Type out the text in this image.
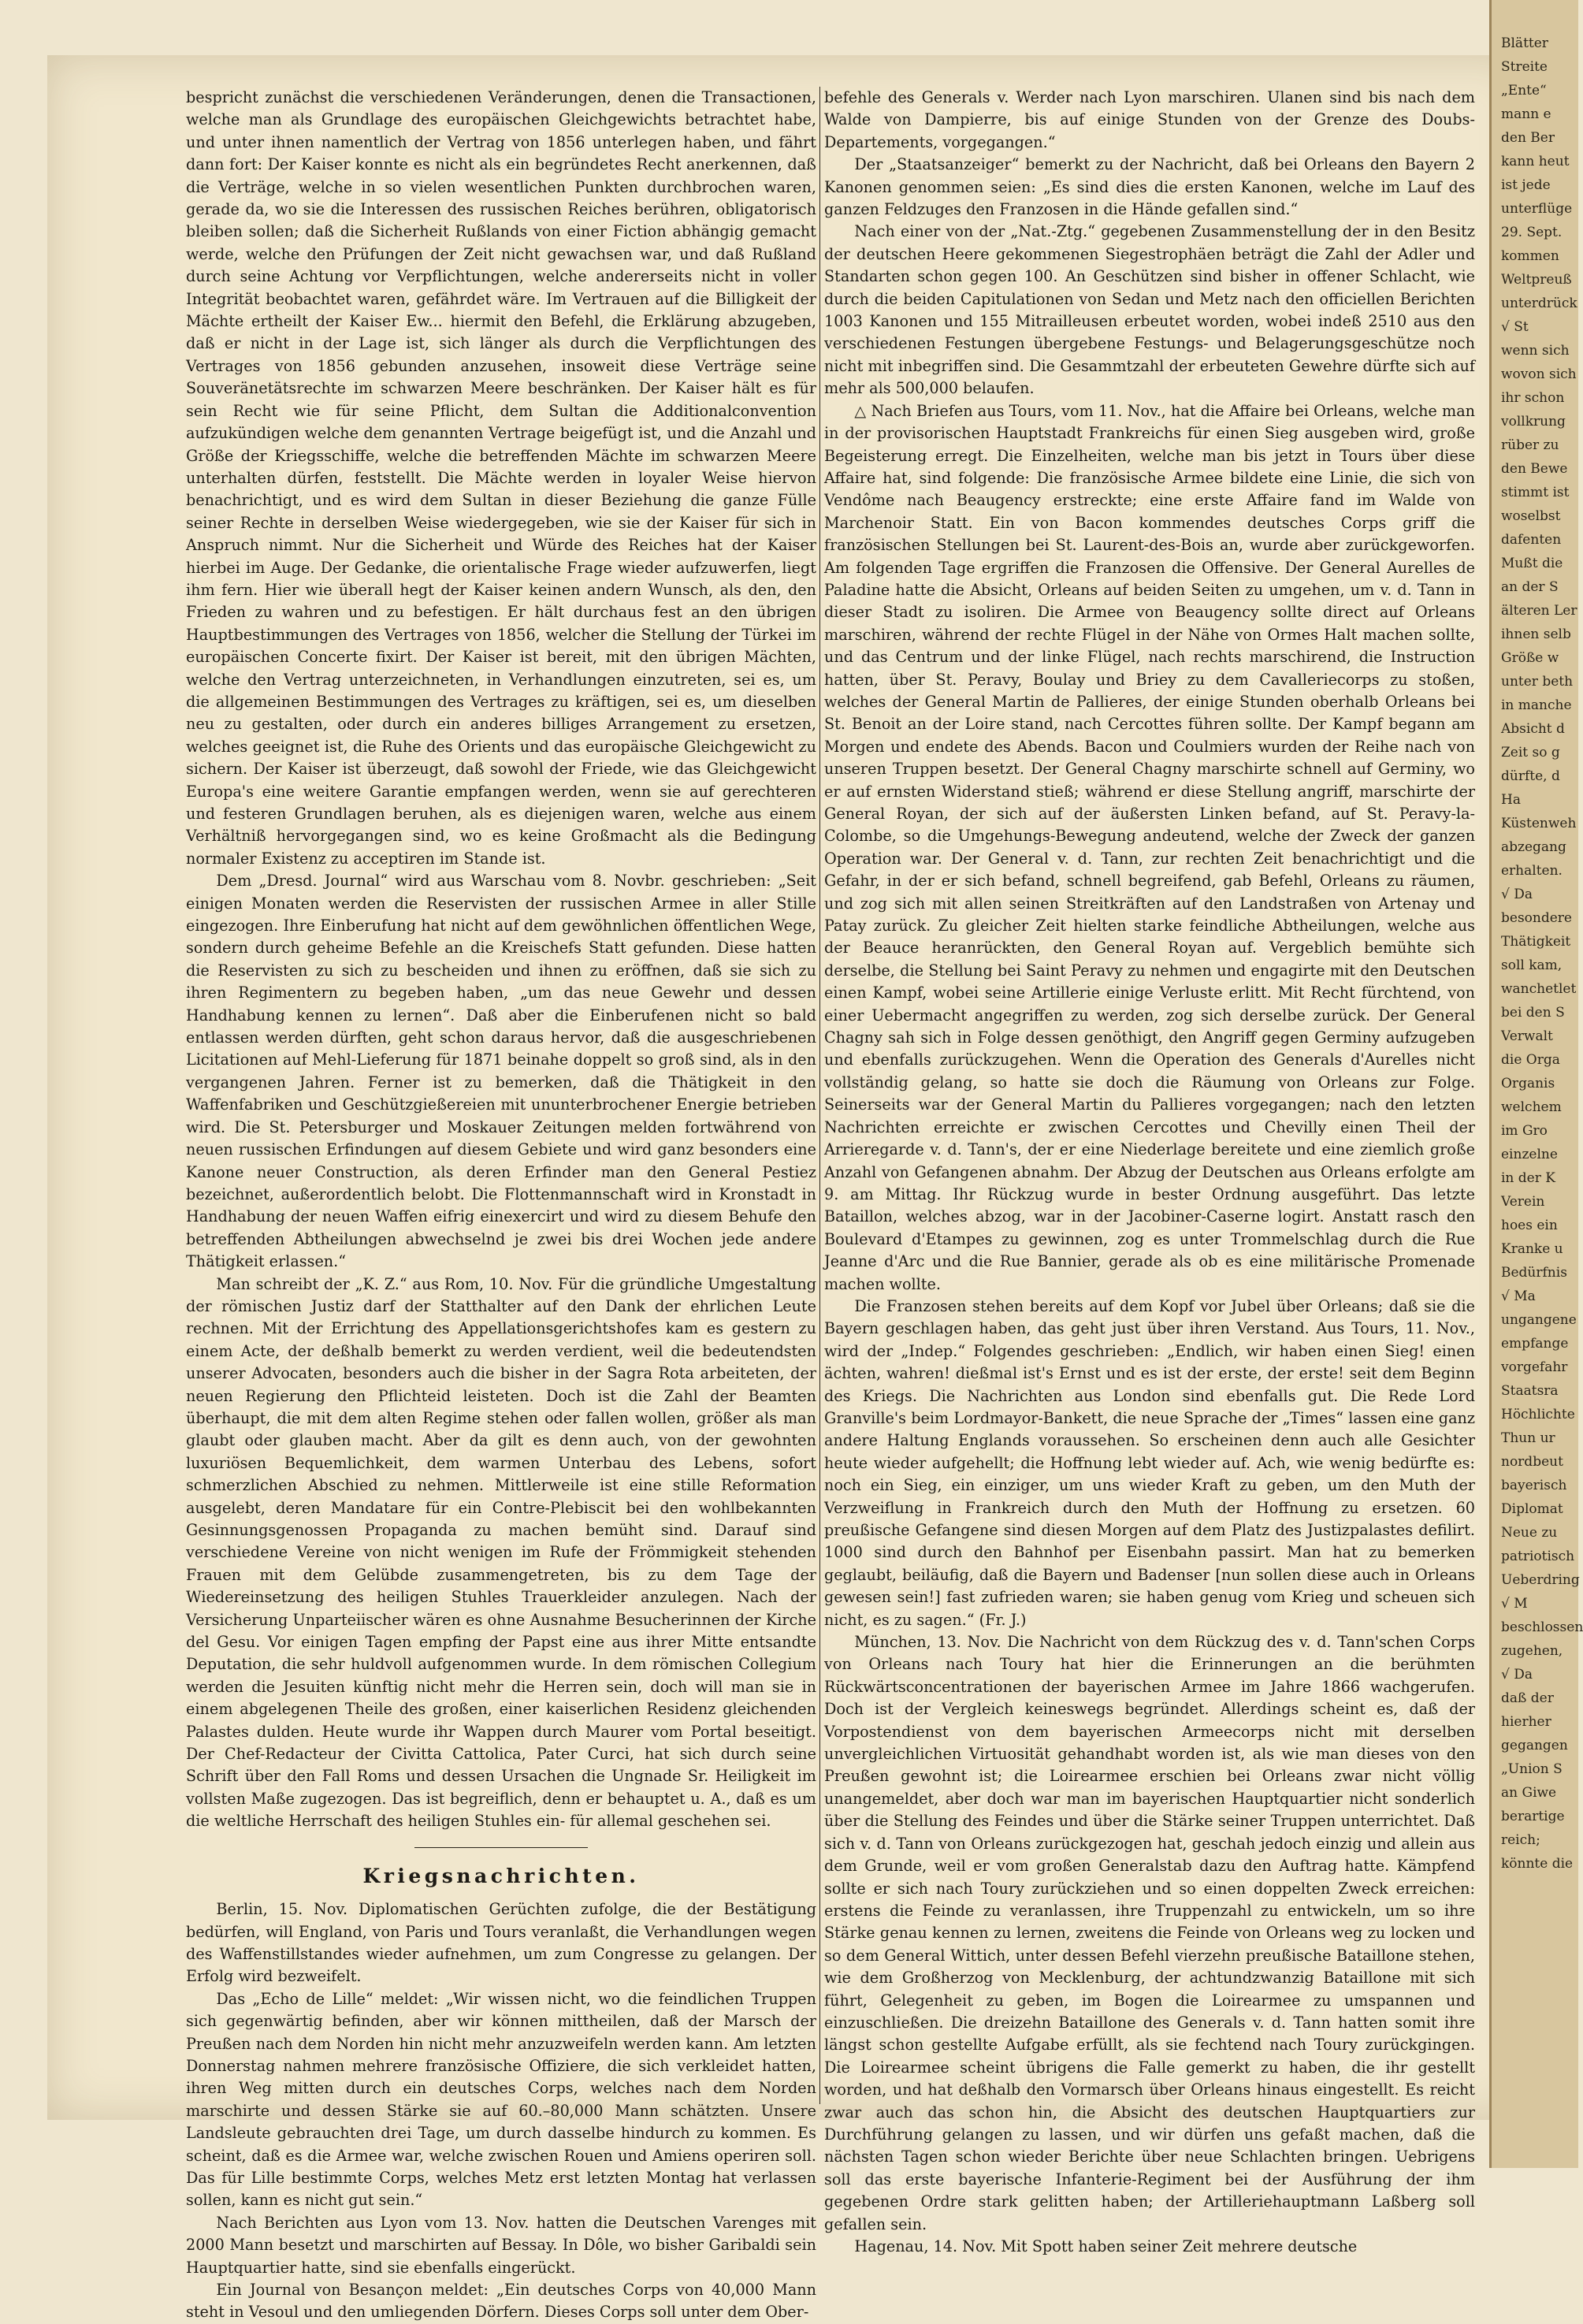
bespricht zunächst die verschiedenen Veränderungen, denen die Transactionen, welche man als Grundlage des europäischen Gleichgewichts betrachtet habe, und unter ihnen namentlich der Vertrag von 1856 unterlegen haben, und fährt dann fort: Der Kaiser konnte es nicht als ein begründetes Recht anerkennen, daß die Verträge, welche in so vielen wesentlichen Punkten durchbrochen waren, gerade da, wo sie die Interessen des russischen Reiches berühren, obligatorisch bleiben sollen; daß die Sicherheit Rußlands von einer Fiction abhängig gemacht werde, welche den Prüfungen der Zeit nicht gewachsen war, und daß Rußland durch seine Achtung vor Verpflichtungen, welche andererseits nicht in voller Integrität beobachtet waren, gefährdet wäre. Im Vertrauen auf die Billigkeit der Mächte ertheilt der Kaiser Ew... hiermit den Befehl, die Erklärung abzugeben, daß er nicht in der Lage ist, sich länger als durch die Verpflichtungen des Vertrages von 1856 gebunden anzusehen, insoweit diese Verträge seine Souveränetätsrechte im schwarzen Meere beschränken. Der Kaiser hält es für sein Recht wie für seine Pflicht, dem Sultan die Additionalconvention aufzukündigen welche dem genannten Vertrage beigefügt ist, und die Anzahl und Größe der Kriegsschiffe, welche die betreffenden Mächte im schwarzen Meere unterhalten dürfen, feststellt. Die Mächte werden in loyaler Weise hiervon benachrichtigt, und es wird dem Sultan in dieser Beziehung die ganze Fülle seiner Rechte in derselben Weise wiedergegeben, wie sie der Kaiser für sich in Anspruch nimmt. Nur die Sicherheit und Würde des Reiches hat der Kaiser hierbei im Auge. Der Gedanke, die orientalische Frage wieder aufzuwerfen, liegt ihm fern. Hier wie überall hegt der Kaiser keinen andern Wunsch, als den, den Frieden zu wahren und zu befestigen. Er hält durchaus fest an den übrigen Hauptbestimmungen des Vertrages von 1856, welcher die Stellung der Türkei im europäischen Concerte fixirt. Der Kaiser ist bereit, mit den übrigen Mächten, welche den Vertrag unterzeichneten, in Verhandlungen einzutreten, sei es, um die allgemeinen Bestimmungen des Vertrages zu kräftigen, sei es, um dieselben neu zu gestalten, oder durch ein anderes billiges Arrangement zu ersetzen, welches geeignet ist, die Ruhe des Orients und das europäische Gleichgewicht zu sichern. Der Kaiser ist überzeugt, daß sowohl der Friede, wie das Gleichgewicht Europa's eine weitere Garantie empfangen werden, wenn sie auf gerechteren und festeren Grundlagen beruhen, als es diejenigen waren, welche aus einem Verhältniß hervorgegangen sind, wo es keine Großmacht als die Bedingung normaler Existenz zu acceptiren im Stande ist.

Dem „Dresd. Journal“ wird aus Warschau vom 8. Novbr. geschrieben: „Seit einigen Monaten werden die Reservisten der russischen Armee in aller Stille eingezogen. Ihre Einberufung hat nicht auf dem gewöhnlichen öffentlichen Wege, sondern durch geheime Befehle an die Kreischefs Statt gefunden. Diese hatten die Reservisten zu sich zu bescheiden und ihnen zu eröffnen, daß sie sich zu ihren Regimentern zu begeben haben, „um das neue Gewehr und dessen Handhabung kennen zu lernen“. Daß aber die Einberufenen nicht so bald entlassen werden dürften, geht schon daraus hervor, daß die ausgeschriebenen Licitationen auf Mehl-Lieferung für 1871 beinahe doppelt so groß sind, als in den vergangenen Jahren. Ferner ist zu bemerken, daß die Thätigkeit in den Waffenfabriken und Geschützgießereien mit ununterbrochener Energie betrieben wird. Die St. Petersburger und Moskauer Zeitungen melden fortwährend von neuen russischen Erfindungen auf diesem Gebiete und wird ganz besonders eine Kanone neuer Construction, als deren Erfinder man den General Pestiez bezeichnet, außerordentlich belobt. Die Flottenmannschaft wird in Kronstadt in Handhabung der neuen Waffen eifrig einexercirt und wird zu diesem Behufe den betreffenden Abtheilungen abwechselnd je zwei bis drei Wochen jede andere Thätigkeit erlassen.“

Man schreibt der „K. Z.“ aus Rom, 10. Nov. Für die gründliche Umgestaltung der römischen Justiz darf der Statthalter auf den Dank der ehrlichen Leute rechnen. Mit der Errichtung des Appellationsgerichtshofes kam es gestern zu einem Acte, der deßhalb bemerkt zu werden verdient, weil die bedeutendsten unserer Advocaten, besonders auch die bisher in der Sagra Rota arbeiteten, der neuen Regierung den Pflichteid leisteten. Doch ist die Zahl der Beamten überhaupt, die mit dem alten Regime stehen oder fallen wollen, größer als man glaubt oder glauben macht. Aber da gilt es denn auch, von der gewohnten luxuriösen Bequemlichkeit, dem warmen Unterbau des Lebens, sofort schmerzlichen Abschied zu nehmen. Mittlerweile ist eine stille Reformation ausgelebt, deren Mandatare für ein Contre-Plebiscit bei den wohlbekannten Gesinnungsgenossen Propaganda zu machen bemüht sind. Darauf sind verschiedene Vereine von nicht wenigen im Rufe der Frömmigkeit stehenden Frauen mit dem Gelübde zusammengetreten, bis zu dem Tage der Wiedereinsetzung des heiligen Stuhles Trauerkleider anzulegen. Nach der Versicherung Unparteiischer wären es ohne Ausnahme Besucherinnen der Kirche del Gesu. Vor einigen Tagen empfing der Papst eine aus ihrer Mitte entsandte Deputation, die sehr huldvoll aufgenommen wurde. In dem römischen Collegium werden die Jesuiten künftig nicht mehr die Herren sein, doch will man sie in einem abgelegenen Theile des großen, einer kaiserlichen Residenz gleichenden Palastes dulden. Heute wurde ihr Wappen durch Maurer vom Portal beseitigt. Der Chef-Redacteur der Civitta Cattolica, Pater Curci, hat sich durch seine Schrift über den Fall Roms und dessen Ursachen die Ungnade Sr. Heiligkeit im vollsten Maße zugezogen. Das ist begreiflich, denn er behauptet u. A., daß es um die weltliche Herrschaft des heiligen Stuhles ein- für allemal geschehen sei.

Kriegsnachrichten.

Berlin, 15. Nov. Diplomatischen Gerüchten zufolge, die der Bestätigung bedürfen, will England, von Paris und Tours veranlaßt, die Verhandlungen wegen des Waffenstillstandes wieder aufnehmen, um zum Congresse zu gelangen. Der Erfolg wird bezweifelt.

Das „Echo de Lille“ meldet: „Wir wissen nicht, wo die feindlichen Truppen sich gegenwärtig befinden, aber wir können mittheilen, daß der Marsch der Preußen nach dem Norden hin nicht mehr anzuzweifeln werden kann. Am letzten Donnerstag nahmen mehrere französische Offiziere, die sich verkleidet hatten, ihren Weg mitten durch ein deutsches Corps, welches nach dem Norden marschirte und dessen Stärke sie auf 60.–80,000 Mann schätzten. Unsere Landsleute gebrauchten drei Tage, um durch dasselbe hindurch zu kommen. Es scheint, daß es die Armee war, welche zwischen Rouen und Amiens operiren soll. Das für Lille bestimmte Corps, welches Metz erst letzten Montag hat verlassen sollen, kann es nicht gut sein.“

Nach Berichten aus Lyon vom 13. Nov. hatten die Deutschen Varenges mit 2000 Mann besetzt und marschirten auf Bessay. In Dôle, wo bisher Garibaldi sein Hauptquartier hatte, sind sie ebenfalls eingerückt.

Ein Journal von Besançon meldet: „Ein deutsches Corps von 40,000 Mann steht in Vesoul und den umliegenden Dörfern. Dieses Corps soll unter dem Ober-

befehle des Generals v. Werder nach Lyon marschiren. Ulanen sind bis nach dem Walde von Dampierre, bis auf einige Stunden von der Grenze des Doubs-Departements, vorgegangen.“

Der „Staatsanzeiger“ bemerkt zu der Nachricht, daß bei Orleans den Bayern 2 Kanonen genommen seien: „Es sind dies die ersten Kanonen, welche im Lauf des ganzen Feldzuges den Franzosen in die Hände gefallen sind.“

Nach einer von der „Nat.-Ztg.“ gegebenen Zusammenstellung der in den Besitz der deutschen Heere gekommenen Siegestrophäen beträgt die Zahl der Adler und Standarten schon gegen 100. An Geschützen sind bisher in offener Schlacht, wie durch die beiden Capitulationen von Sedan und Metz nach den officiellen Berichten 1003 Kanonen und 155 Mitrailleusen erbeutet worden, wobei indeß 2510 aus den verschiedenen Festungen übergebene Festungs- und Belagerungsgeschütze noch nicht mit inbegriffen sind. Die Gesammtzahl der erbeuteten Gewehre dürfte sich auf mehr als 500,000 belaufen.

△ Nach Briefen aus Tours, vom 11. Nov., hat die Affaire bei Orleans, welche man in der provisorischen Hauptstadt Frankreichs für einen Sieg ausgeben wird, große Begeisterung erregt. Die Einzelheiten, welche man bis jetzt in Tours über diese Affaire hat, sind folgende: Die französische Armee bildete eine Linie, die sich von Vendôme nach Beaugency erstreckte; eine erste Affaire fand im Walde von Marchenoir Statt. Ein von Bacon kommendes deutsches Corps griff die französischen Stellungen bei St. Laurent-des-Bois an, wurde aber zurückgeworfen. Am folgenden Tage ergriffen die Franzosen die Offensive. Der General Aurelles de Paladine hatte die Absicht, Orleans auf beiden Seiten zu umgehen, um v. d. Tann in dieser Stadt zu isoliren. Die Armee von Beaugency sollte direct auf Orleans marschiren, während der rechte Flügel in der Nähe von Ormes Halt machen sollte, und das Centrum und der linke Flügel, nach rechts marschirend, die Instruction hatten, über St. Peravy, Boulay und Briey zu dem Cavalleriecorps zu stoßen, welches der General Martin de Pallieres, der einige Stunden oberhalb Orleans bei St. Benoit an der Loire stand, nach Cercottes führen sollte. Der Kampf begann am Morgen und endete des Abends. Bacon und Coulmiers wurden der Reihe nach von unseren Truppen besetzt. Der General Chagny marschirte schnell auf Germiny, wo er auf ernsten Widerstand stieß; während er diese Stellung angriff, marschirte der General Royan, der sich auf der äußersten Linken befand, auf St. Peravy-la-Colombe, so die Umgehungs-Bewegung andeutend, welche der Zweck der ganzen Operation war. Der General v. d. Tann, zur rechten Zeit benachrichtigt und die Gefahr, in der er sich befand, schnell begreifend, gab Befehl, Orleans zu räumen, und zog sich mit allen seinen Streitkräften auf den Landstraßen von Artenay und Patay zurück. Zu gleicher Zeit hielten starke feindliche Abtheilungen, welche aus der Beauce heranrückten, den General Royan auf. Vergeblich bemühte sich derselbe, die Stellung bei Saint Peravy zu nehmen und engagirte mit den Deutschen einen Kampf, wobei seine Artillerie einige Verluste erlitt. Mit Recht fürchtend, von einer Uebermacht angegriffen zu werden, zog sich derselbe zurück. Der General Chagny sah sich in Folge dessen genöthigt, den Angriff gegen Germiny aufzugeben und ebenfalls zurückzugehen. Wenn die Operation des Generals d'Aurelles nicht vollständig gelang, so hatte sie doch die Räumung von Orleans zur Folge. Seinerseits war der General Martin du Pallieres vorgegangen; nach den letzten Nachrichten erreichte er zwischen Cercottes und Chevilly einen Theil der Arrieregarde v. d. Tann's, der er eine Niederlage bereitete und eine ziemlich große Anzahl von Gefangenen abnahm. Der Abzug der Deutschen aus Orleans erfolgte am 9. am Mittag. Ihr Rückzug wurde in bester Ordnung ausgeführt. Das letzte Bataillon, welches abzog, war in der Jacobiner-Caserne logirt. Anstatt rasch den Boulevard d'Etampes zu gewinnen, zog es unter Trommelschlag durch die Rue Jeanne d'Arc und die Rue Bannier, gerade als ob es eine militärische Promenade machen wollte.

Die Franzosen stehen bereits auf dem Kopf vor Jubel über Orleans; daß sie die Bayern geschlagen haben, das geht just über ihren Verstand. Aus Tours, 11. Nov., wird der „Indep.“ Folgendes geschrieben: „Endlich, wir haben einen Sieg! einen ächten, wahren! dießmal ist's Ernst und es ist der erste, der erste! seit dem Beginn des Kriegs. Die Nachrichten aus London sind ebenfalls gut. Die Rede Lord Granville's beim Lordmayor-Bankett, die neue Sprache der „Times“ lassen eine ganz andere Haltung Englands voraussehen. So erscheinen denn auch alle Gesichter heute wieder aufgehellt; die Hoffnung lebt wieder auf. Ach, wie wenig bedürfte es: noch ein Sieg, ein einziger, um uns wieder Kraft zu geben, um den Muth der Verzweiflung in Frankreich durch den Muth der Hoffnung zu ersetzen. 60 preußische Gefangene sind diesen Morgen auf dem Platz des Justizpalastes defilirt. 1000 sind durch den Bahnhof per Eisenbahn passirt. Man hat zu bemerken geglaubt, beiläufig, daß die Bayern und Badenser [nun sollen diese auch in Orleans gewesen sein!] fast zufrieden waren; sie haben genug vom Krieg und scheuen sich nicht, es zu sagen.“ (Fr. J.)

München, 13. Nov. Die Nachricht von dem Rückzug des v. d. Tann'schen Corps von Orleans nach Toury hat hier die Erinnerungen an die berühmten Rückwärtsconcentrationen der bayerischen Armee im Jahre 1866 wachgerufen. Doch ist der Vergleich keineswegs begründet. Allerdings scheint es, daß der Vorpostendienst von dem bayerischen Armeecorps nicht mit derselben unvergleichlichen Virtuosität gehandhabt worden ist, als wie man dieses von den Preußen gewohnt ist; die Loirearmee erschien bei Orleans zwar nicht völlig unangemeldet, aber doch war man im bayerischen Hauptquartier nicht sonderlich über die Stellung des Feindes und über die Stärke seiner Truppen unterrichtet. Daß sich v. d. Tann von Orleans zurückgezogen hat, geschah jedoch einzig und allein aus dem Grunde, weil er vom großen Generalstab dazu den Auftrag hatte. Kämpfend sollte er sich nach Toury zurückziehen und so einen doppelten Zweck erreichen: erstens die Feinde zu veranlassen, ihre Truppenzahl zu entwickeln, um so ihre Stärke genau kennen zu lernen, zweitens die Feinde von Orleans weg zu locken und so dem General Wittich, unter dessen Befehl vierzehn preußische Bataillone stehen, wie dem Großherzog von Mecklenburg, der achtundzwanzig Bataillone mit sich führt, Gelegenheit zu geben, im Bogen die Loirearmee zu umspannen und einzuschließen. Die dreizehn Bataillone des Generals v. d. Tann hatten somit ihre längst schon gestellte Aufgabe erfüllt, als sie fechtend nach Toury zurückgingen. Die Loirearmee scheint übrigens die Falle gemerkt zu haben, die ihr gestellt worden, und hat deßhalb den Vormarsch über Orleans hinaus eingestellt. Es reicht zwar auch das schon hin, die Absicht des deutschen Hauptquartiers zur Durchführung gelangen zu lassen, und wir dürfen uns gefaßt machen, daß die nächsten Tagen schon wieder Berichte über neue Schlachten bringen. Uebrigens soll das erste bayerische Infanterie-Regiment bei der Ausführung der ihm gegebenen Ordre stark gelitten haben; der Artilleriehauptmann Laßberg soll gefallen sein.

Hagenau, 14. Nov. Mit Spott haben seiner Zeit mehrere deutsche

Blätter
Streite
„Ente“
mann e
den Ber
kann heut
ist jede
unterflüge
29. Sept.
kommen
Weltpreuß
unterdrück
√ St
wenn sich
wovon sich
ihr schon
vollkrung
rüber zu
den Bewe
stimmt ist
woselbst
dafenten
Mußt die
an der S
älteren Ler
ihnen selb
Größe w
unter beth
in manche
Absicht d
Zeit so g
dürfte, d
Ha
Küstenweh
abzegang
erhalten.
√ Da
besondere
Thätigkeit
soll kam,
wanchetlet
bei den S
Verwalt
die Orga
Organis
welchem
im Gro
einzelne
in der K
Verein
hoes ein
Kranke u
Bedürfnis
√ Ma
ungangene
empfange
vorgefahr
Staatsra
Höchlichte
Thun ur
nordbeut
bayerisch
Diplomat
Neue zu
patriotisch
Ueberdring
√ M
beschlossen
zugehen,
√ Da
daß der
hierher
gegangen
„Union S
an Giwe
berartige
reich;
könnte die
